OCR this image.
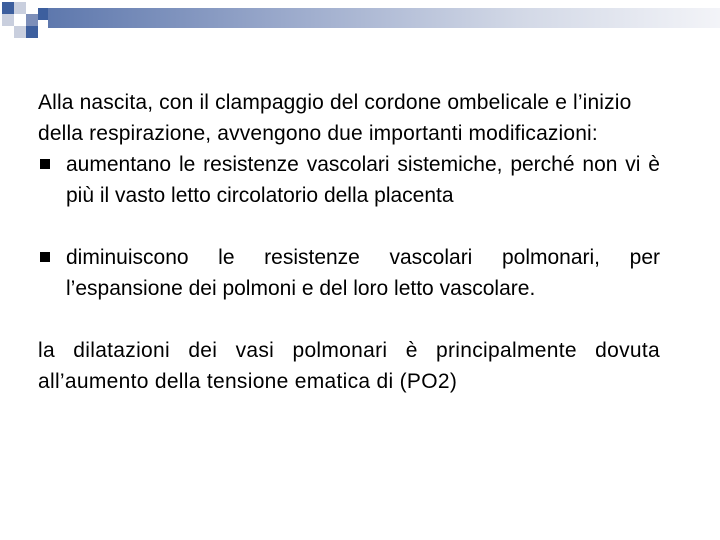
Alla nascita, con il clampaggio del cordone ombelicale e l’inizio della respirazione, avvengono due importanti modificazioni:

aumentano le resistenze vascolari sistemiche, perché non vi è più il vasto letto circolatorio della placenta
diminuiscono le resistenze vascolari polmonari, per l’espansione dei polmoni e del loro letto vascolare.

la dilatazioni dei vasi polmonari è principalmente dovuta all’aumento della tensione ematica di (PO2)
